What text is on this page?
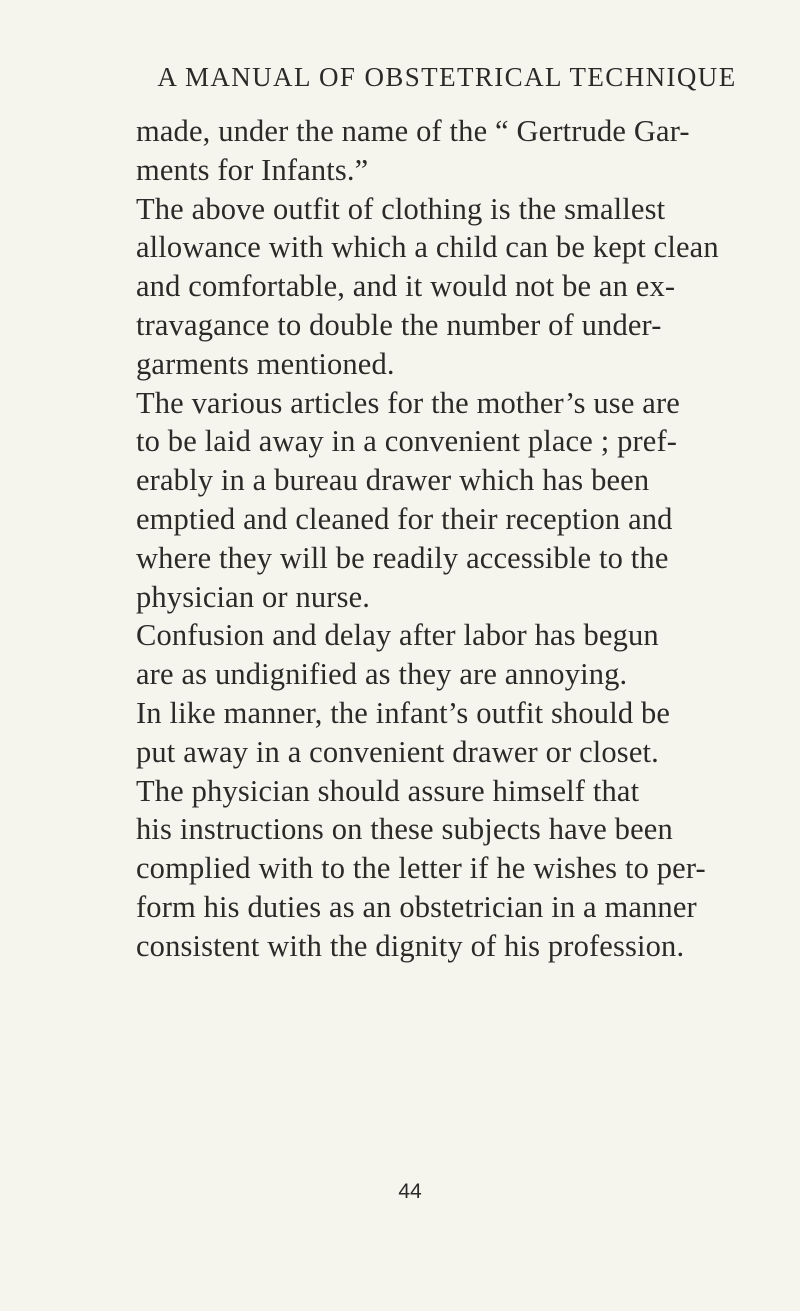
A MANUAL OF OBSTETRICAL TECHNIQUE
made, under the name of the “ Gertrude Gar-
ments for Infants.”
The above outfit of clothing is the smallest
allowance with which a child can be kept clean
and comfortable, and it would not be an ex-
travagance to double the number of under-
garments mentioned.
The various articles for the mother’s use are
to be laid away in a convenient place ; pref-
erably in a bureau drawer which has been
emptied and cleaned for their reception and
where they will be readily accessible to the
physician or nurse.
Confusion and delay after labor has begun
are as undignified as they are annoying.
In like manner, the infant’s outfit should be
put away in a convenient drawer or closet.
The physician should assure himself that
his instructions on these subjects have been
complied with to the letter if he wishes to per-
form his duties as an obstetrician in a manner
consistent with the dignity of his profession.
44
